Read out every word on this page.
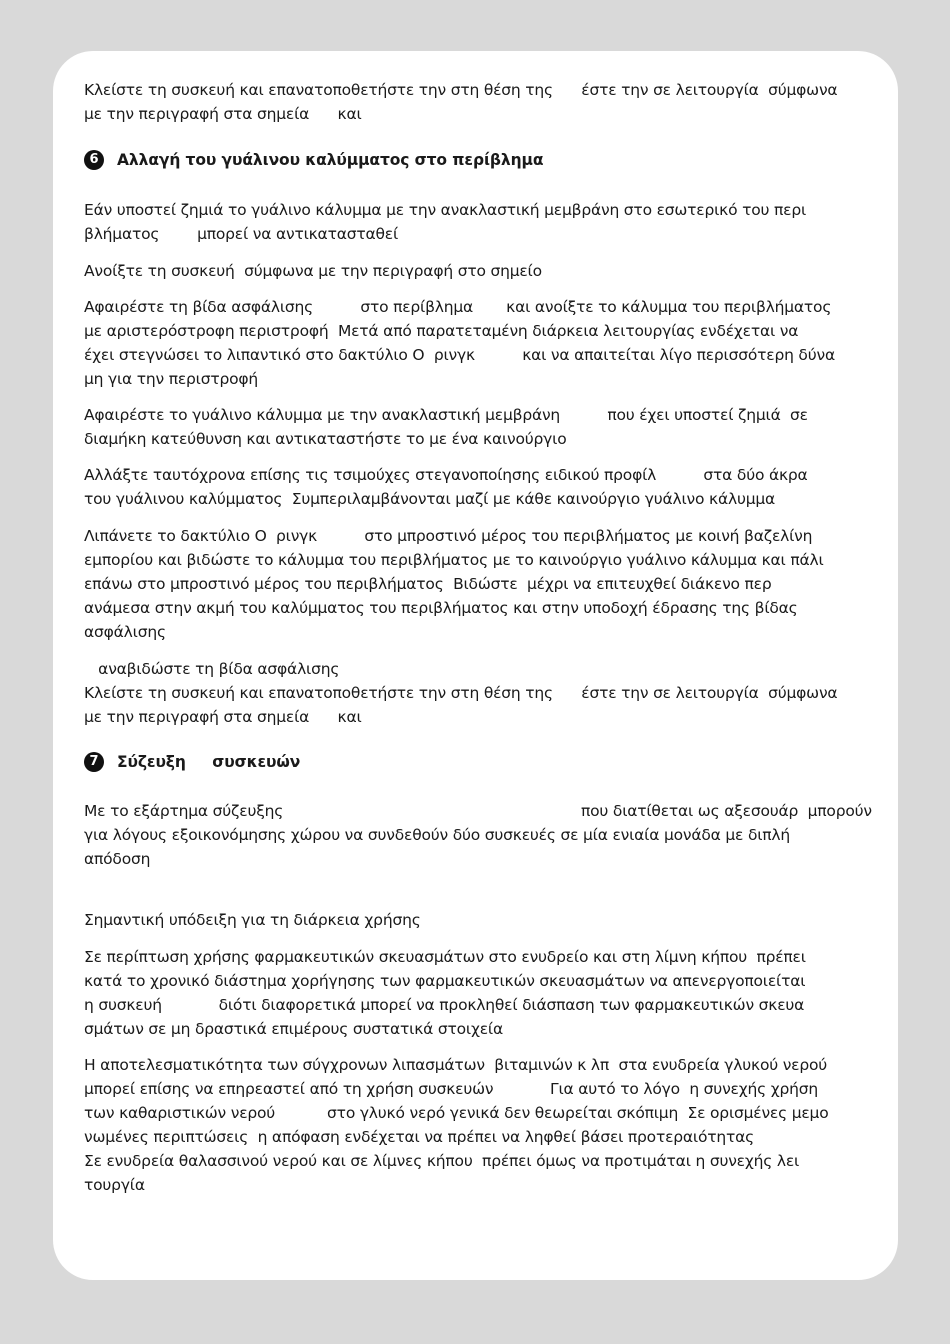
Κλείστε τη συσκευή και επανατοποθετήστε την στη θέση της      έστε την σε λειτουργία  σύμφωνα
με την περιγραφή στα σημεία      και
6	Αλλαγή του γυάλινου καλύμματος στο περίβλημα
Εάν υποστεί ζημιά το γυάλινο κάλυμμα με την ανακλαστική μεμβράνη στο εσωτερικό του περι
βλήματος        μπορεί να αντικατασταθεί
Ανοίξτε τη συσκευή  σύμφωνα με την περιγραφή στο σημείο
Αφαιρέστε τη βίδα ασφάλισης          στο περίβλημα       και ανοίξτε το κάλυμμα του περιβλήματος
με αριστερόστροφη περιστροφή  Μετά από παρατεταμένη διάρκεια λειτουργίας ενδέχεται να
έχει στεγνώσει το λιπαντικό στο δακτύλιο O  ρινγκ          και να απαιτείται λίγο περισσότερη δύνα
μη για την περιστροφή
Αφαιρέστε το γυάλινο κάλυμμα με την ανακλαστική μεμβράνη          που έχει υποστεί ζημιά  σε
διαμήκη κατεύθυνση και αντικαταστήστε το με ένα καινούργιο
Αλλάξτε ταυτόχρονα επίσης τις τσιμούχες στεγανοποίησης ειδικού προφίλ          στα δύο άκρα
του γυάλινου καλύμματος  Συμπεριλαμβάνονται μαζί με κάθε καινούργιο γυάλινο κάλυμμα
Λιπάνετε το δακτύλιο O  ρινγκ          στο μπροστινό μέρος του περιβλήματος με κοινή βαζελίνη
εμπορίου και βιδώστε το κάλυμμα του περιβλήματος με το καινούργιο γυάλινο κάλυμμα και πάλι
επάνω στο μπροστινό μέρος του περιβλήματος  Βιδώστε  μέχρι να επιτευχθεί διάκενο περ
ανάμεσα στην ακμή του καλύμματος του περιβλήματος και στην υποδοχή έδρασης της βίδας
ασφάλισης
αναβιδώστε τη βίδα ασφάλισης
Κλείστε τη συσκευή και επανατοποθετήστε την στη θέση της      έστε την σε λειτουργία  σύμφωνα
με την περιγραφή στα σημεία      και
7	Σύζευξη     συσκευών
Με το εξάρτημα σύζευξης                                                               που διατίθεται ως αξεσουάρ  μπορούν
για λόγους εξοικονόμησης χώρου να συνδεθούν δύο συσκευές σε μία ενιαία μονάδα με διπλή
απόδοση
Σημαντική υπόδειξη για τη διάρκεια χρήσης
Σε περίπτωση χρήσης φαρμακευτικών σκευασμάτων στο ενυδρείο και στη λίμνη κήπου  πρέπει
κατά το χρονικό διάστημα χορήγησης των φαρμακευτικών σκευασμάτων να απενεργοποιείται
η συσκευή            διότι διαφορετικά μπορεί να προκληθεί διάσπαση των φαρμακευτικών σκευα
σμάτων σε μη δραστικά επιμέρους συστατικά στοιχεία
Η αποτελεσματικότητα των σύγχρονων λιπασμάτων  βιταμινών κ λπ  στα ενυδρεία γλυκού νερού
μπορεί επίσης να επηρεαστεί από τη χρήση συσκευών            Για αυτό το λόγο  η συνεχής χρήση
των καθαριστικών νερού           στο γλυκό νερό γενικά δεν θεωρείται σκόπιμη  Σε ορισμένες μεμο
νωμένες περιπτώσεις  η απόφαση ενδέχεται να πρέπει να ληφθεί βάσει προτεραιότητας
Σε ενυδρεία θαλασσινού νερού και σε λίμνες κήπου  πρέπει όμως να προτιμάται η συνεχής λει
τουργία
